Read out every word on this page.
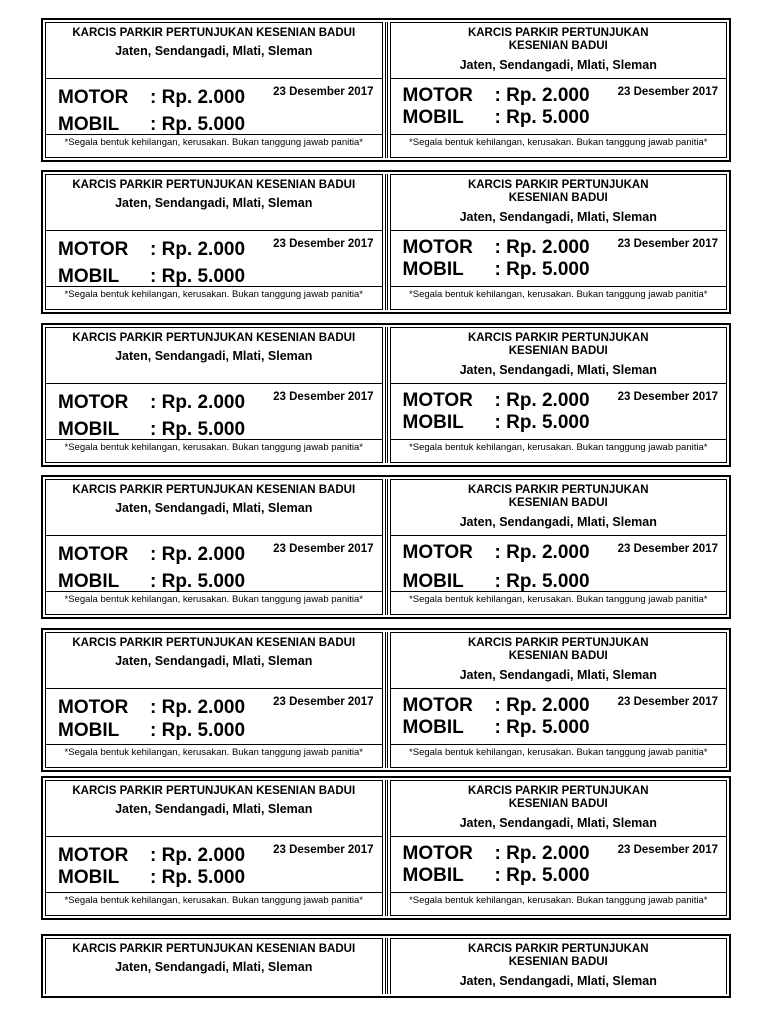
KARCIS PARKIR PERTUNJUKAN KESENIAN BADUI
Jaten, Sendangadi, Mlati, Sleman
MOTOR : Rp. 2.000
MOBIL : Rp. 5.000
23 Desember 2017
*Segala bentuk kehilangan, kerusakan. Bukan tanggung jawab panitia*
KARCIS PARKIR PERTUNJUKAN KESENIAN BADUI
Jaten, Sendangadi, Mlati, Sleman
MOTOR : Rp. 2.000
MOBIL : Rp. 5.000
23 Desember 2017
*Segala bentuk kehilangan, kerusakan. Bukan tanggung jawab panitia*
KARCIS PARKIR PERTUNJUKAN KESENIAN BADUI
Jaten, Sendangadi, Mlati, Sleman
MOTOR : Rp. 2.000
MOBIL : Rp. 5.000
23 Desember 2017
*Segala bentuk kehilangan, kerusakan. Bukan tanggung jawab panitia*
KARCIS PARKIR PERTUNJUKAN KESENIAN BADUI
Jaten, Sendangadi, Mlati, Sleman
MOTOR : Rp. 2.000
MOBIL : Rp. 5.000
23 Desember 2017
*Segala bentuk kehilangan, kerusakan. Bukan tanggung jawab panitia*
KARCIS PARKIR PERTUNJUKAN KESENIAN BADUI
Jaten, Sendangadi, Mlati, Sleman
MOTOR : Rp. 2.000
MOBIL : Rp. 5.000
23 Desember 2017
*Segala bentuk kehilangan, kerusakan. Bukan tanggung jawab panitia*
KARCIS PARKIR PERTUNJUKAN KESENIAN BADUI
Jaten, Sendangadi, Mlati, Sleman
MOTOR : Rp. 2.000
MOBIL : Rp. 5.000
23 Desember 2017
*Segala bentuk kehilangan, kerusakan. Bukan tanggung jawab panitia*
KARCIS PARKIR PERTUNJUKAN KESENIAN BADUI
Jaten, Sendangadi, Mlati, Sleman
MOTOR : Rp. 2.000
MOBIL : Rp. 5.000
23 Desember 2017
*Segala bentuk kehilangan, kerusakan. Bukan tanggung jawab panitia*
KARCIS PARKIR PERTUNJUKAN KESENIAN BADUI
Jaten, Sendangadi, Mlati, Sleman
MOTOR : Rp. 2.000
MOBIL : Rp. 5.000
23 Desember 2017
*Segala bentuk kehilangan, kerusakan. Bukan tanggung jawab panitia*
KARCIS PARKIR PERTUNJUKAN KESENIAN BADUI
Jaten, Sendangadi, Mlati, Sleman
MOTOR : Rp. 2.000
MOBIL : Rp. 5.000
23 Desember 2017
*Segala bentuk kehilangan, kerusakan. Bukan tanggung jawab panitia*
KARCIS PARKIR PERTUNJUKAN KESENIAN BADUI
Jaten, Sendangadi, Mlati, Sleman
MOTOR : Rp. 2.000
MOBIL : Rp. 5.000
23 Desember 2017
*Segala bentuk kehilangan, kerusakan. Bukan tanggung jawab panitia*
KARCIS PARKIR PERTUNJUKAN KESENIAN BADUI
Jaten, Sendangadi, Mlati, Sleman
MOTOR : Rp. 2.000
MOBIL : Rp. 5.000
23 Desember 2017
*Segala bentuk kehilangan, kerusakan. Bukan tanggung jawab panitia*
KARCIS PARKIR PERTUNJUKAN KESENIAN BADUI
Jaten, Sendangadi, Mlati, Sleman
MOTOR : Rp. 2.000
MOBIL : Rp. 5.000
23 Desember 2017
*Segala bentuk kehilangan, kerusakan. Bukan tanggung jawab panitia*
KARCIS PARKIR PERTUNJUKAN KESENIAN BADUI
Jaten, Sendangadi, Mlati, Sleman
KARCIS PARKIR PERTUNJUKAN KESENIAN BADUI
Jaten, Sendangadi, Mlati, Sleman
